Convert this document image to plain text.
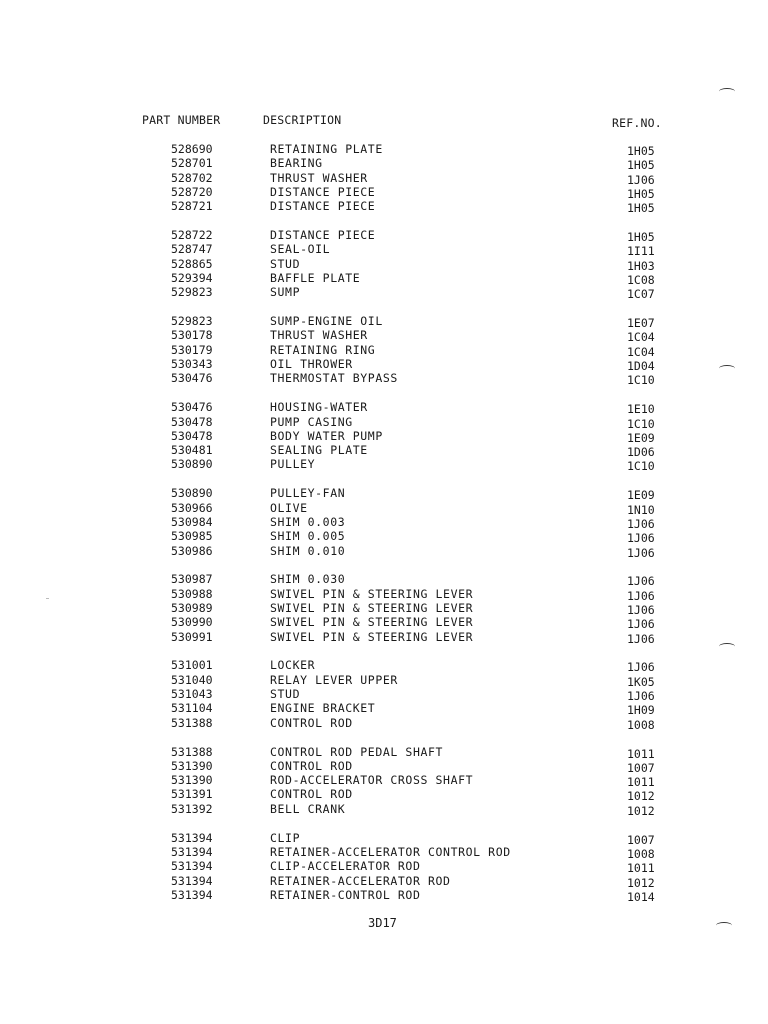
PART NUMBER	DESCRIPTION	REF.NO.
528690	RETAINING PLATE	1H05
528701	BEARING	1H05
528702	THRUST WASHER	1J06
528720	DISTANCE PIECE	1H05
528721	DISTANCE PIECE	1H05
528722	DISTANCE PIECE	1H05
528747	SEAL-OIL	1I11
528865	STUD	1H03
529394	BAFFLE PLATE	1C08
529823	SUMP	1C07
529823	SUMP-ENGINE OIL	1E07
530178	THRUST WASHER	1C04
530179	RETAINING RING	1C04
530343	OIL THROWER	1D04
530476	THERMOSTAT BYPASS	1C10
530476	HOUSING-WATER	1E10
530478	PUMP CASING	1C10
530478	BODY WATER PUMP	1E09
530481	SEALING PLATE	1D06
530890	PULLEY	1C10
530890	PULLEY-FAN	1E09
530966	OLIVE	1N10
530984	SHIM 0.003	1J06
530985	SHIM 0.005	1J06
530986	SHIM 0.010	1J06
530987	SHIM 0.030	1J06
530988	SWIVEL PIN & STEERING LEVER	1J06
530989	SWIVEL PIN & STEERING LEVER	1J06
530990	SWIVEL PIN & STEERING LEVER	1J06
530991	SWIVEL PIN & STEERING LEVER	1J06
531001	LOCKER	1J06
531040	RELAY LEVER UPPER	1K05
531043	STUD	1J06
531104	ENGINE BRACKET	1H09
531388	CONTROL ROD	1008
531388	CONTROL ROD PEDAL SHAFT	1011
531390	CONTROL ROD	1007
531390	ROD-ACCELERATOR CROSS SHAFT	1011
531391	CONTROL ROD	1012
531392	BELL CRANK	1012
531394	CLIP	1007
531394	RETAINER-ACCELERATOR CONTROL ROD	1008
531394	CLIP-ACCELERATOR ROD	1011
531394	RETAINER-ACCELERATOR ROD	1012
531394	RETAINER-CONTROL ROD	1014
3D17
